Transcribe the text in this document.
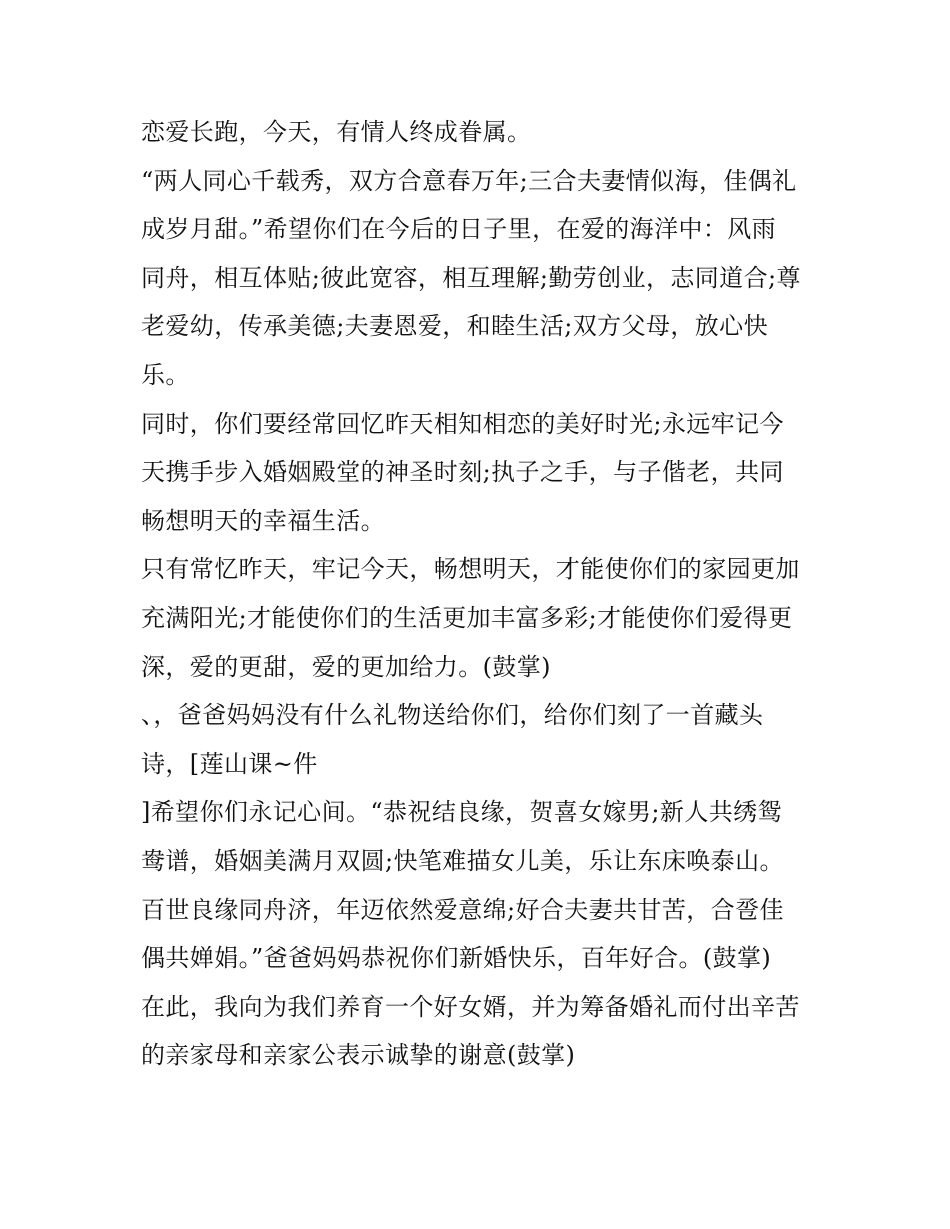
恋爱长跑，今天，有情人终成眷属。
“两人同心千载秀，双方合意春万年;三合夫妻情似海，佳偶礼
成岁月甜。”希望你们在今后的日子里，在爱的海洋中：风雨
同舟，相互体贴;彼此宽容，相互理解;勤劳创业，志同道合;尊
老爱幼，传承美德;夫妻恩爱，和睦生活;双方父母，放心快
乐。
同时，你们要经常回忆昨天相知相恋的美好时光;永远牢记今
天携手步入婚姻殿堂的神圣时刻;执子之手，与子偕老，共同
畅想明天的幸福生活。
只有常忆昨天，牢记今天，畅想明天，才能使你们的家园更加
充满阳光;才能使你们的生活更加丰富多彩;才能使你们爱得更
深，爱的更甜，爱的更加给力。(鼓掌)
、，爸爸妈妈没有什么礼物送给你们，给你们刻了一首藏头
诗，[莲山课~件
]希望你们永记心间。“恭祝结良缘，贺喜女嫁男;新人共绣鸳
鸯谱，婚姻美满月双圆;快笔难描女儿美，乐让东床唤泰山。
百世良缘同舟济，年迈依然爱意绵;好合夫妻共甘苦，合卺佳
偶共婵娟。”爸爸妈妈恭祝你们新婚快乐，百年好合。(鼓掌)
在此，我向为我们养育一个好女婿，并为筹备婚礼而付出辛苦
的亲家母和亲家公表示诚挚的谢意(鼓掌)
